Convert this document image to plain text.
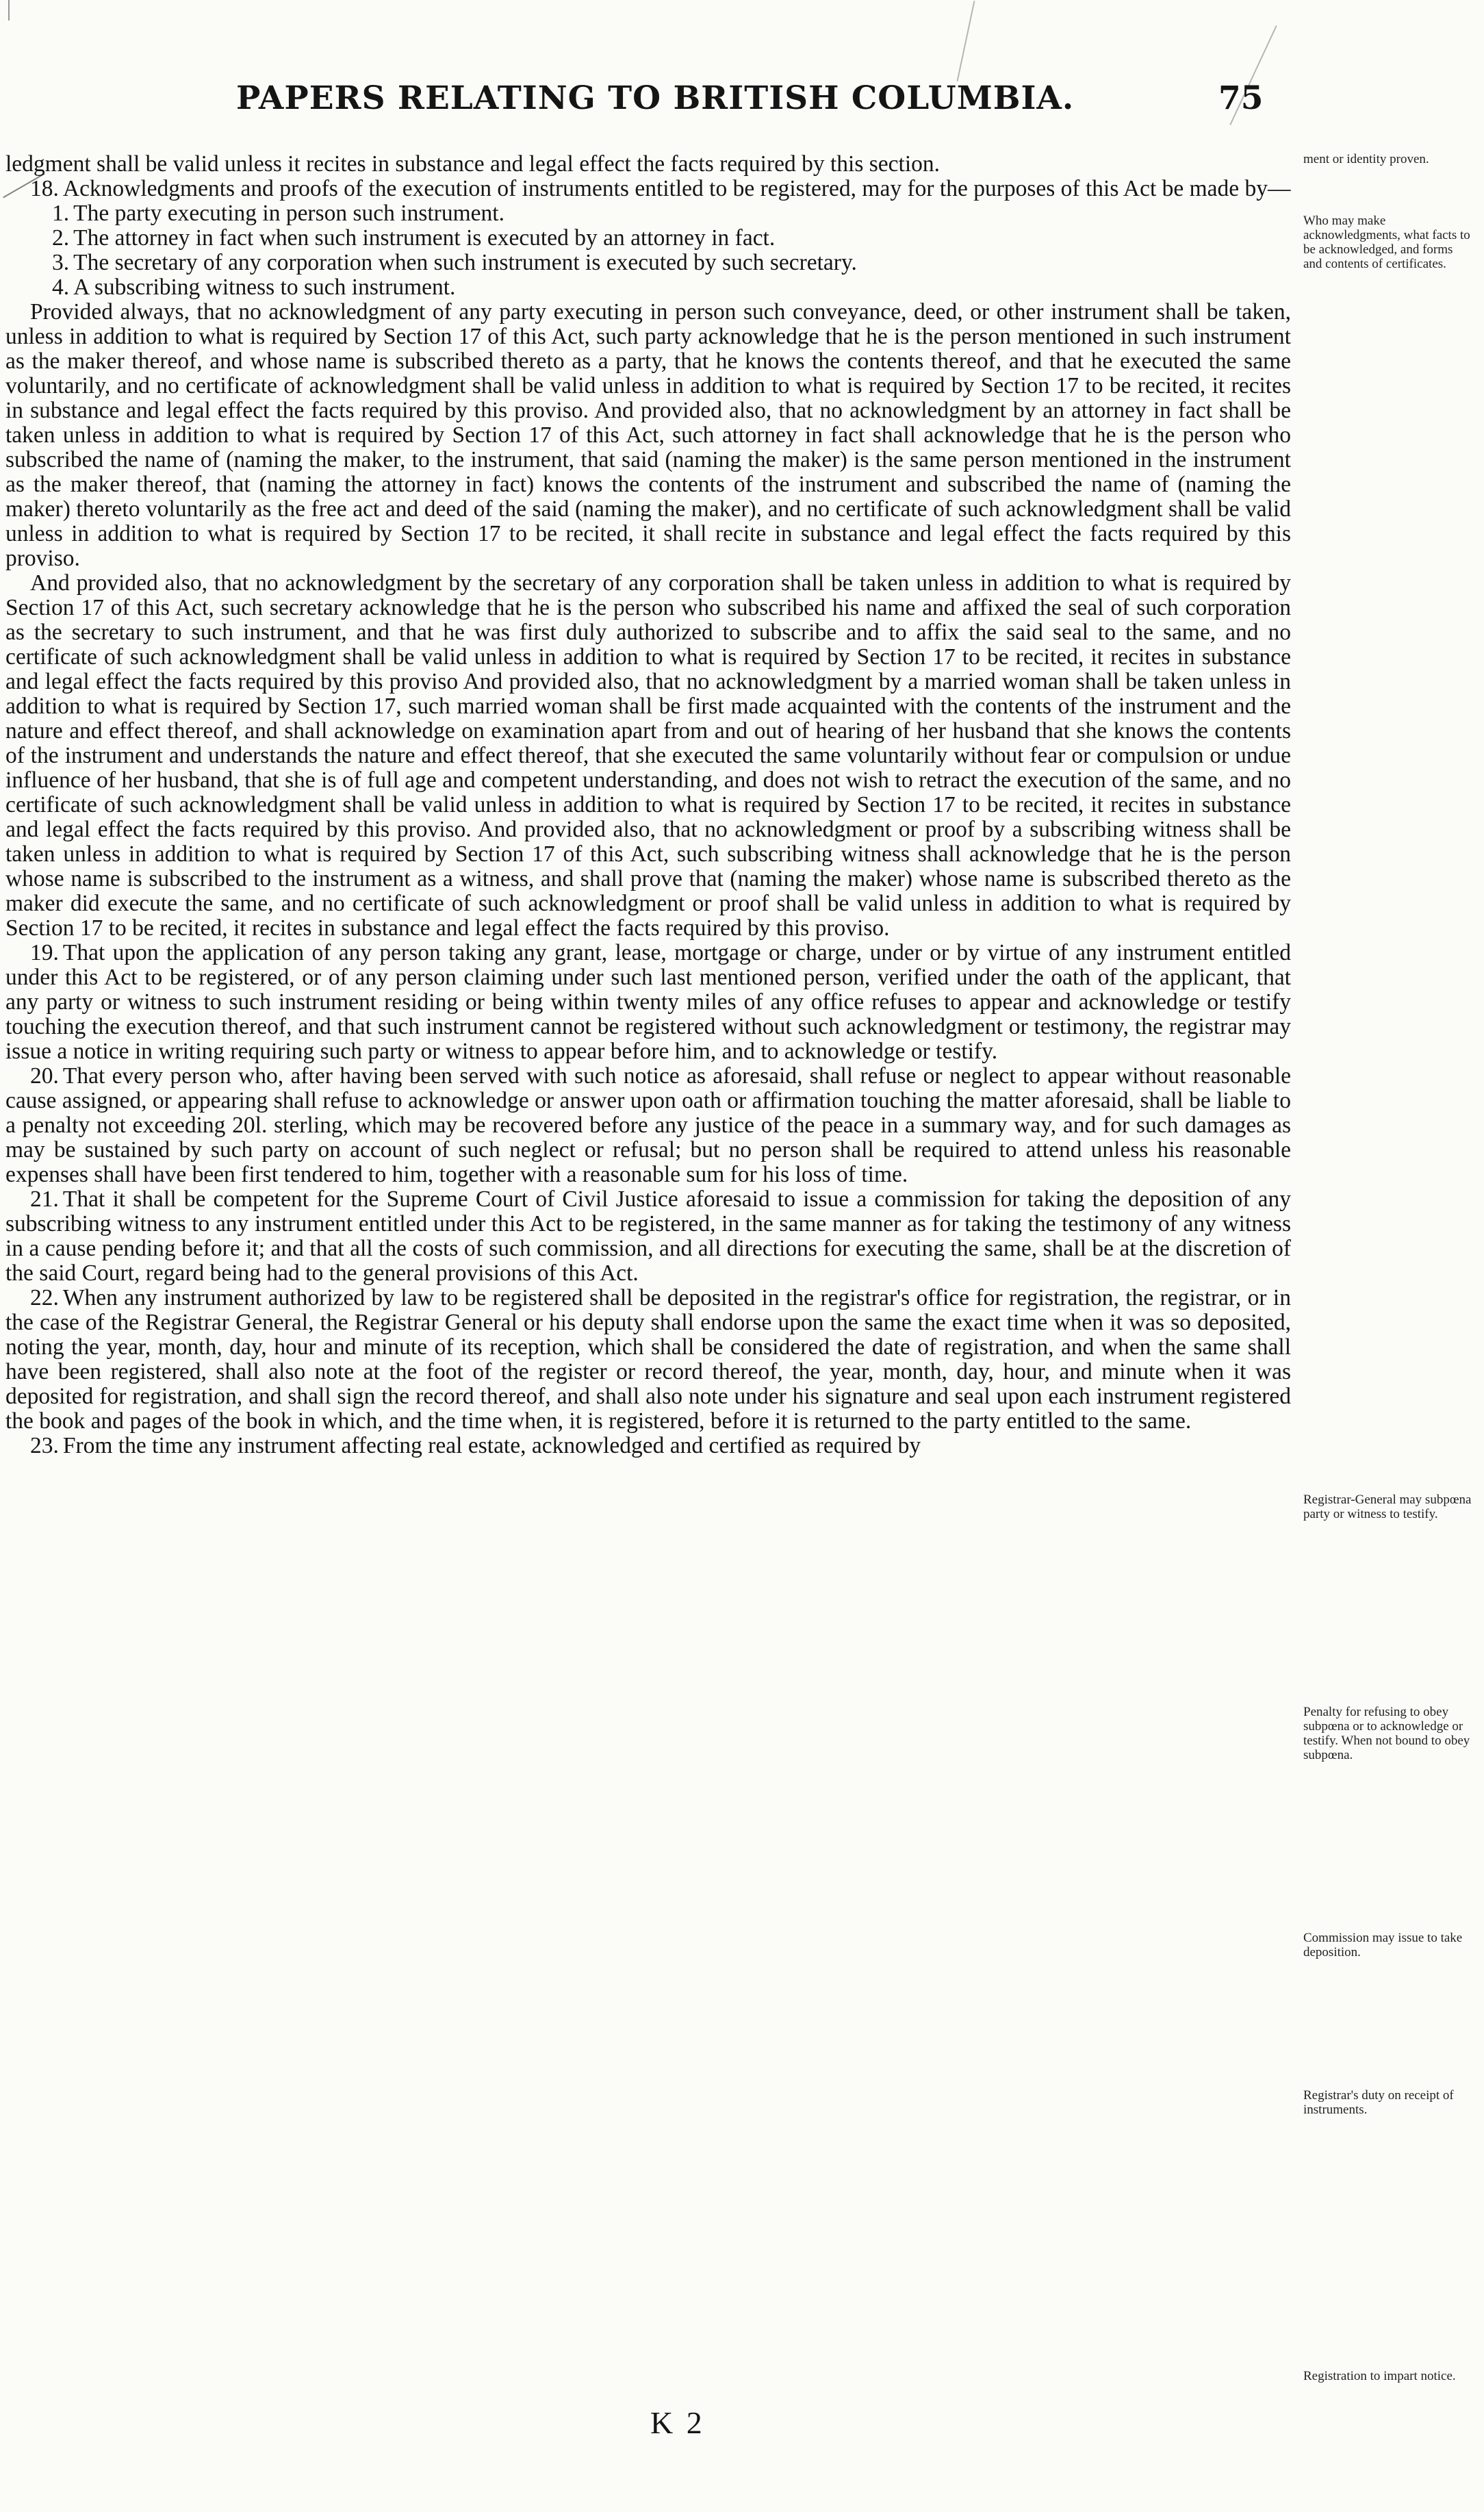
PAPERS RELATING TO BRITISH COLUMBIA.	75

ledgment shall be valid unless it recites in substance and legal effect the facts required by this section.

18. Acknowledgments and proofs of the execution of instruments entitled to be registered, may for the purposes of this Act be made by—

1. The party executing in person such instrument.

2. The attorney in fact when such instrument is executed by an attorney in fact.

3. The secretary of any corporation when such instrument is executed by such secretary.

4. A subscribing witness to such instrument.

Provided always, that no acknowledgment of any party executing in person such conveyance, deed, or other instrument shall be taken, unless in addition to what is required by Section 17 of this Act, such party acknowledge that he is the person mentioned in such instrument as the maker thereof, and whose name is subscribed thereto as a party, that he knows the contents thereof, and that he executed the same voluntarily, and no certificate of acknowledgment shall be valid unless in addition to what is required by Section 17 to be recited, it recites in substance and legal effect the facts required by this proviso. And provided also, that no acknowledgment by an attorney in fact shall be taken unless in addition to what is required by Section 17 of this Act, such attorney in fact shall acknowledge that he is the person who subscribed the name of (naming the maker, to the instrument, that said (naming the maker) is the same person mentioned in the instrument as the maker thereof, that (naming the attorney in fact) knows the contents of the instrument and subscribed the name of (naming the maker) thereto voluntarily as the free act and deed of the said (naming the maker), and no certificate of such acknowledgment shall be valid unless in addition to what is required by Section 17 to be recited, it shall recite in substance and legal effect the facts required by this proviso.

And provided also, that no acknowledgment by the secretary of any corporation shall be taken unless in addition to what is required by Section 17 of this Act, such secretary acknowledge that he is the person who subscribed his name and affixed the seal of such corporation as the secretary to such instrument, and that he was first duly authorized to subscribe and to affix the said seal to the same, and no certificate of such acknowledgment shall be valid unless in addition to what is required by Section 17 to be recited, it recites in substance and legal effect the facts required by this proviso And provided also, that no acknowledgment by a married woman shall be taken unless in addition to what is required by Section 17, such married woman shall be first made acquainted with the contents of the instrument and the nature and effect thereof, and shall acknowledge on examination apart from and out of hearing of her husband that she knows the contents of the instrument and understands the nature and effect thereof, that she executed the same voluntarily without fear or compulsion or undue influence of her husband, that she is of full age and competent understanding, and does not wish to retract the execution of the same, and no certificate of such acknowledgment shall be valid unless in addition to what is required by Section 17 to be recited, it recites in substance and legal effect the facts required by this proviso. And provided also, that no acknowledgment or proof by a subscribing witness shall be taken unless in addition to what is required by Section 17 of this Act, such subscribing witness shall acknowledge that he is the person whose name is subscribed to the instrument as a witness, and shall prove that (naming the maker) whose name is subscribed thereto as the maker did execute the same, and no certificate of such acknowledgment or proof shall be valid unless in addition to what is required by Section 17 to be recited, it recites in substance and legal effect the facts required by this proviso.

19. That upon the application of any person taking any grant, lease, mortgage or charge, under or by virtue of any instrument entitled under this Act to be registered, or of any person claiming under such last mentioned person, verified under the oath of the applicant, that any party or witness to such instrument residing or being within twenty miles of any office refuses to appear and acknowledge or testify touching the execution thereof, and that such instrument cannot be registered without such acknowledgment or testimony, the registrar may issue a notice in writing requiring such party or witness to appear before him, and to acknowledge or testify.

20. That every person who, after having been served with such notice as aforesaid, shall refuse or neglect to appear without reasonable cause assigned, or appearing shall refuse to acknowledge or answer upon oath or affirmation touching the matter aforesaid, shall be liable to a penalty not exceeding 20l. sterling, which may be recovered before any justice of the peace in a summary way, and for such damages as may be sustained by such party on account of such neglect or refusal; but no person shall be required to attend unless his reasonable expenses shall have been first tendered to him, together with a reasonable sum for his loss of time.

21. That it shall be competent for the Supreme Court of Civil Justice aforesaid to issue a commission for taking the deposition of any subscribing witness to any instrument entitled under this Act to be registered, in the same manner as for taking the testimony of any witness in a cause pending before it; and that all the costs of such commission, and all directions for executing the same, shall be at the discretion of the said Court, regard being had to the general provisions of this Act.

22. When any instrument authorized by law to be registered shall be deposited in the registrar's office for registration, the registrar, or in the case of the Registrar General, the Registrar General or his deputy shall endorse upon the same the exact time when it was so deposited, noting the year, month, day, hour and minute of its reception, which shall be considered the date of registration, and when the same shall have been registered, shall also note at the foot of the register or record thereof, the year, month, day, hour, and minute when it was deposited for registration, and shall sign the record thereof, and shall also note under his signature and seal upon each instrument registered the book and pages of the book in which, and the time when, it is registered, before it is returned to the party entitled to the same.

23. From the time any instrument affecting real estate, acknowledged and certified as required by

ment or identity proven.
Who may make acknowledgments, what facts to be acknowledged, and forms and contents of certificates.
Registrar-General may subpœna party or witness to testify.
Penalty for refusing to obey subpœna or to acknowledge or testify. When not bound to obey subpœna.
Commission may issue to take deposition.
Registrar's duty on receipt of instruments.
Registration to impart notice.
K 2
